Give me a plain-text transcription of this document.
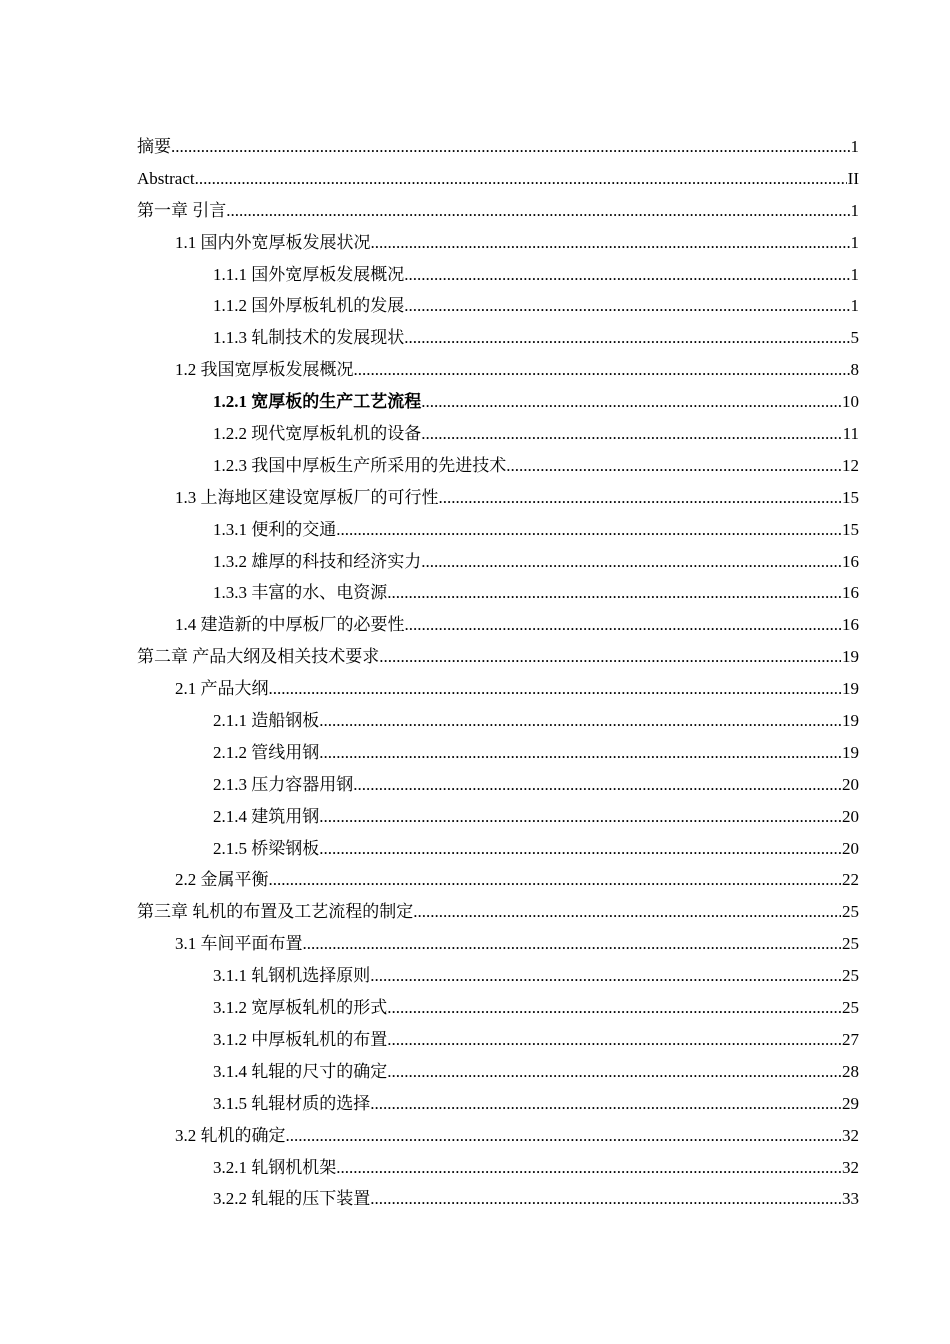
摘要 .....	1
Abstract .....	II
第一章 引言 .....	1
1.1 国内外宽厚板发展状况 .....	1
1.1.1 国外宽厚板发展概况 .....	1
1.1.2 国外厚板轧机的发展 .....	1
1.1.3 轧制技术的发展现状 .....	5
1.2 我国宽厚板发展概况 .....	8
1.2.1 宽厚板的生产工艺流程 .....	10
1.2.2 现代宽厚板轧机的设备 .....	11
1.2.3 我国中厚板生产所采用的先进技术 .....	12
1.3 上海地区建设宽厚板厂的可行性 .....	15
1.3.1 便利的交通 .....	15
1.3.2 雄厚的科技和经济实力 .....	16
1.3.3 丰富的水、电资源 .....	16
1.4 建造新的中厚板厂的必要性 .....	16
第二章 产品大纲及相关技术要求 .....	19
2.1 产品大纲 .....	19
2.1.1 造船钢板 .....	19
2.1.2 管线用钢 .....	19
2.1.3 压力容器用钢 .....	20
2.1.4 建筑用钢 .....	20
2.1.5 桥梁钢板 .....	20
2.2 金属平衡 .....	22
第三章 轧机的布置及工艺流程的制定 .....	25
3.1 车间平面布置 .....	25
3.1.1 轧钢机选择原则 .....	25
3.1.2 宽厚板轧机的形式 .....	25
3.1.2 中厚板轧机的布置 .....	27
3.1.4 轧辊的尺寸的确定 .....	28
3.1.5 轧辊材质的选择 .....	29
3.2 轧机的确定 .....	32
3.2.1 轧钢机机架 .....	32
3.2.2 轧辊的压下装置 .....	33
